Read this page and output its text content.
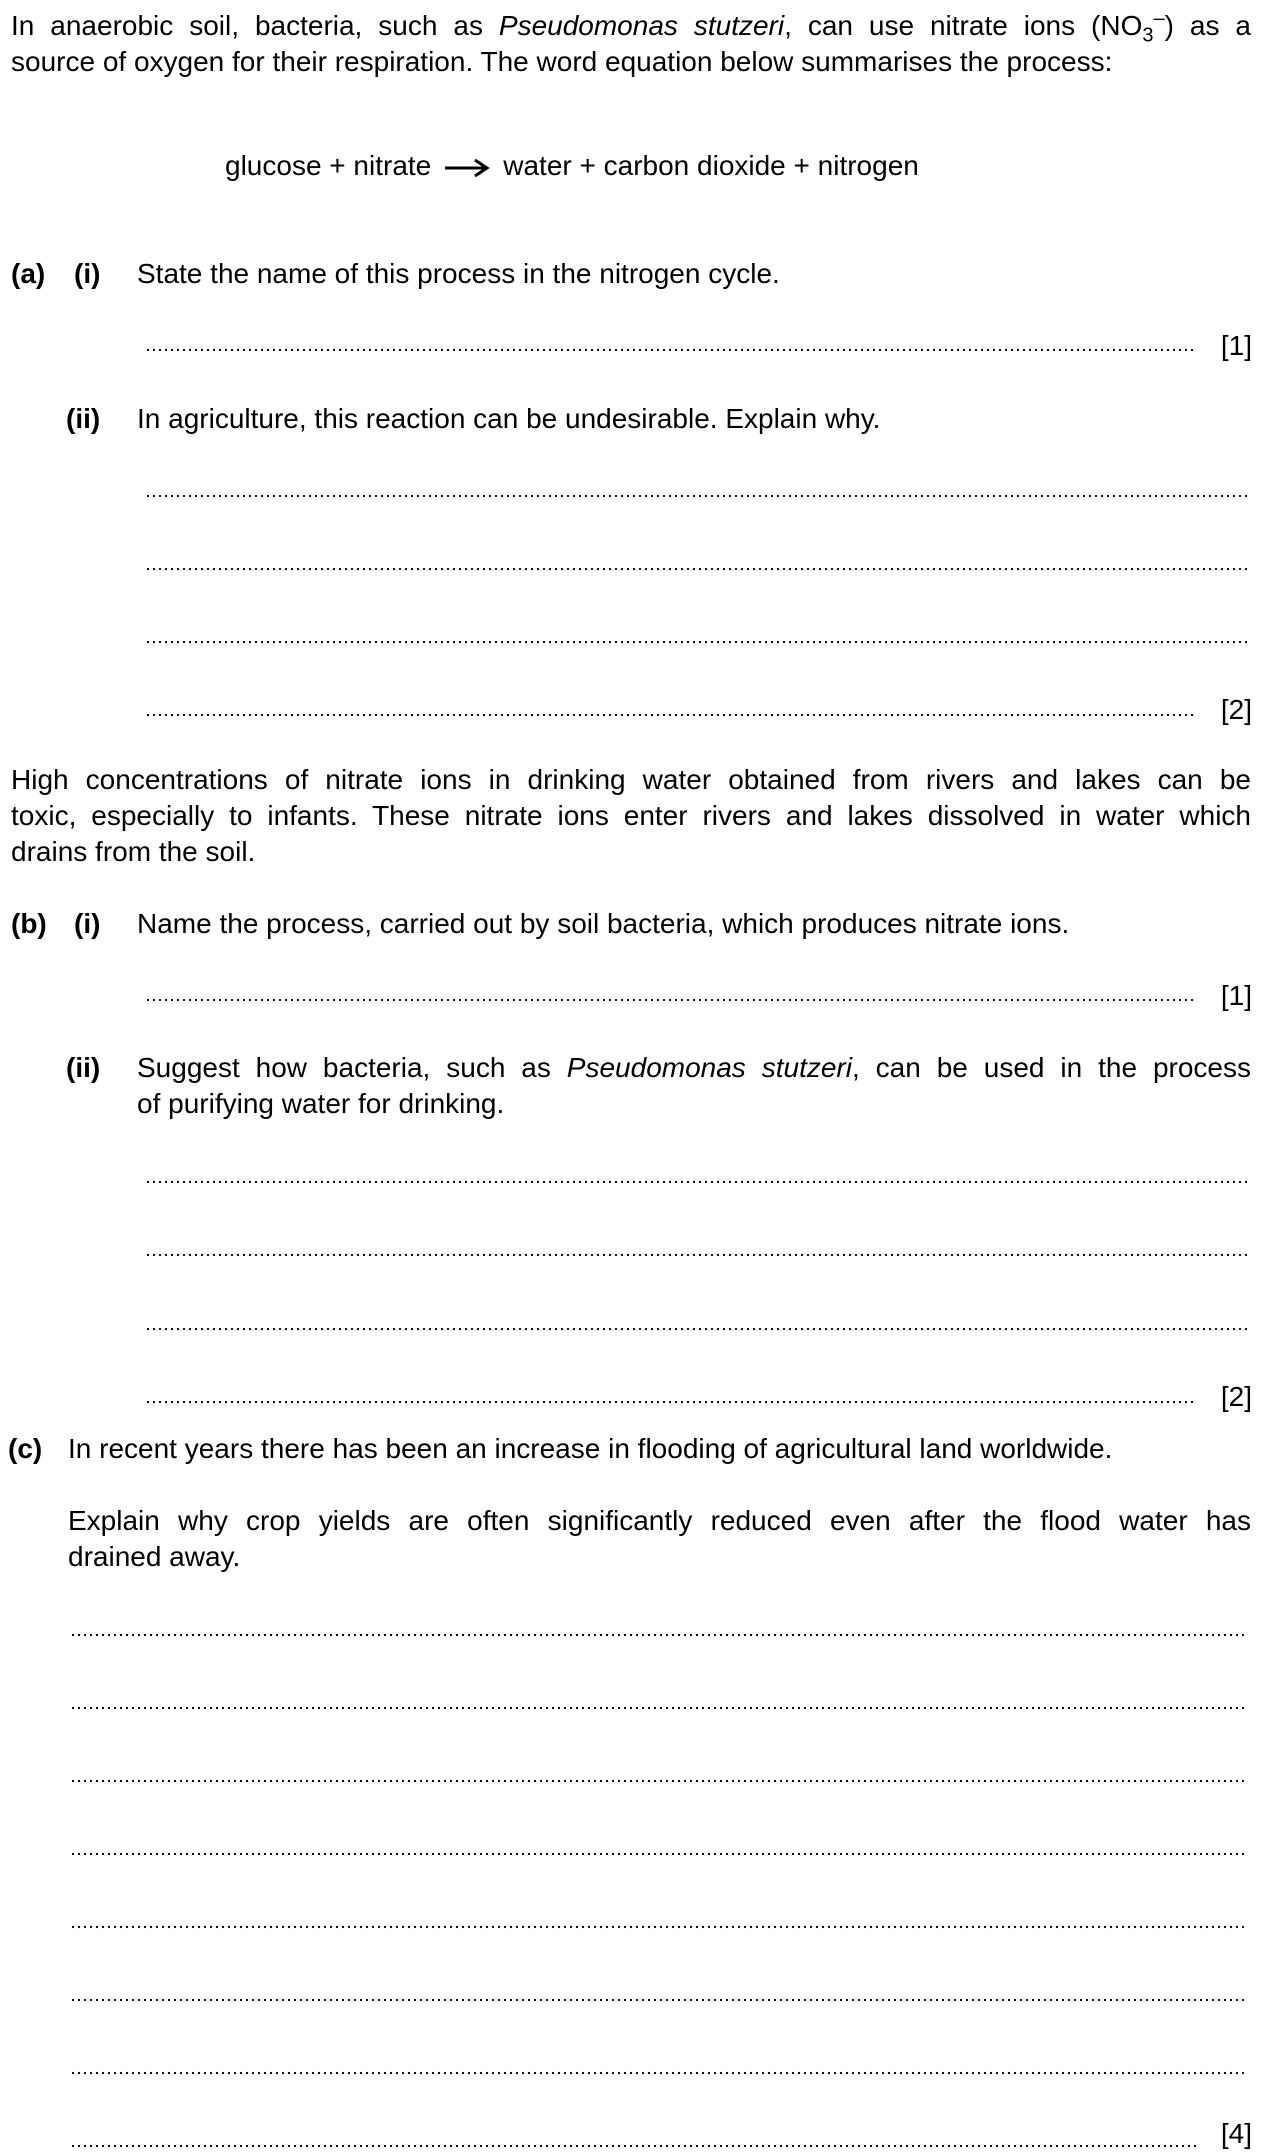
In anaerobic soil, bacteria, such as Pseudomonas stutzeri, can use nitrate ions $(NO_3^-)$ as a
source of oxygen for their respiration. The word equation below summarises the process:
glucose + nitrate → water + carbon dioxide + nitrogen
(a) (i) State the name of this process in the nitrogen cycle.
[1]
(ii) In agriculture, this reaction can be undesirable. Explain why.
[2]
High concentrations of nitrate ions in drinking water obtained from rivers and lakes can be
toxic, especially to infants. These nitrate ions enter rivers and lakes dissolved in water which
drains from the soil.
(b) (i) Name the process, carried out by soil bacteria, which produces nitrate ions.
[1]
(ii) Suggest how bacteria, such as Pseudomonas stutzeri, can be used in the process
of purifying water for drinking.
[2]
(c) In recent years there has been an increase in flooding of agricultural land worldwide.
Explain why crop yields are often significantly reduced even after the flood water has
drained away.
[4]
